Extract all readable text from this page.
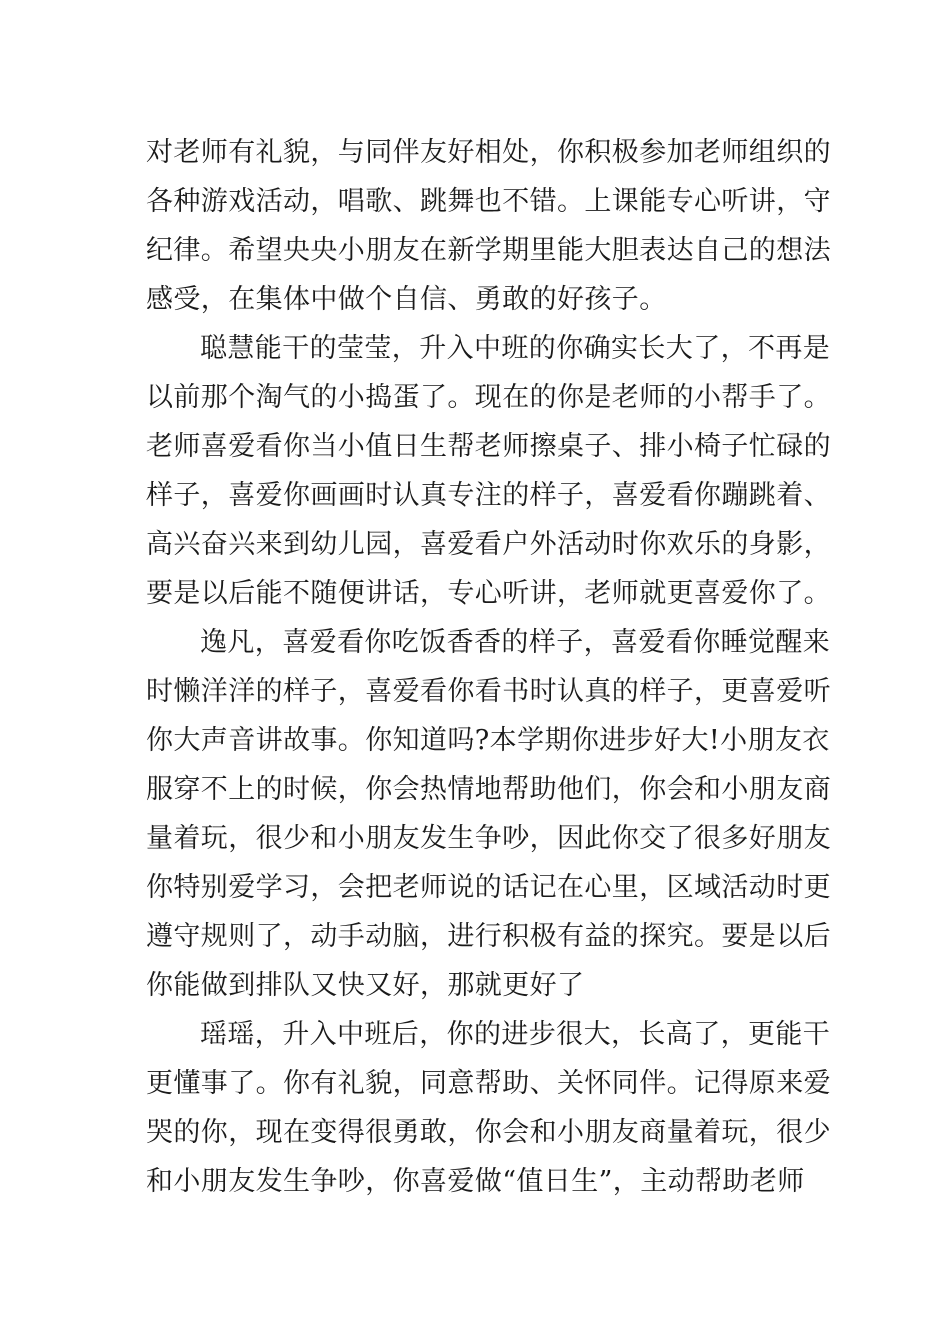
对老师有礼貌，与同伴友好相处，你积极参加老师组织的
各种游戏活动，唱歌、跳舞也不错。上课能专心听讲，守
纪律。希望央央小朋友在新学期里能大胆表达自己的想法
感受，在集体中做个自信、勇敢的好孩子。
聪慧能干的莹莹，升入中班的你确实长大了，不再是
以前那个淘气的小捣蛋了。现在的你是老师的小帮手了。
老师喜爱看你当小值日生帮老师擦桌子、排小椅子忙碌的
样子，喜爱你画画时认真专注的样子，喜爱看你蹦跳着、
高兴奋兴来到幼儿园，喜爱看户外活动时你欢乐的身影，
要是以后能不随便讲话，专心听讲，老师就更喜爱你了。
逸凡，喜爱看你吃饭香香的样子，喜爱看你睡觉醒来
时懒洋洋的样子，喜爱看你看书时认真的样子，更喜爱听
你大声音讲故事。你知道吗?本学期你进步好大!小朋友衣
服穿不上的时候，你会热情地帮助他们，你会和小朋友商
量着玩，很少和小朋友发生争吵，因此你交了很多好朋友
你特别爱学习，会把老师说的话记在心里，区域活动时更
遵守规则了，动手动脑，进行积极有益的探究。要是以后
你能做到排队又快又好，那就更好了
瑶瑶，升入中班后，你的进步很大，长高了，更能干
更懂事了。你有礼貌，同意帮助、关怀同伴。记得原来爱
哭的你，现在变得很勇敢，你会和小朋友商量着玩，很少
和小朋友发生争吵，你喜爱做“值日生”，主动帮助老师
